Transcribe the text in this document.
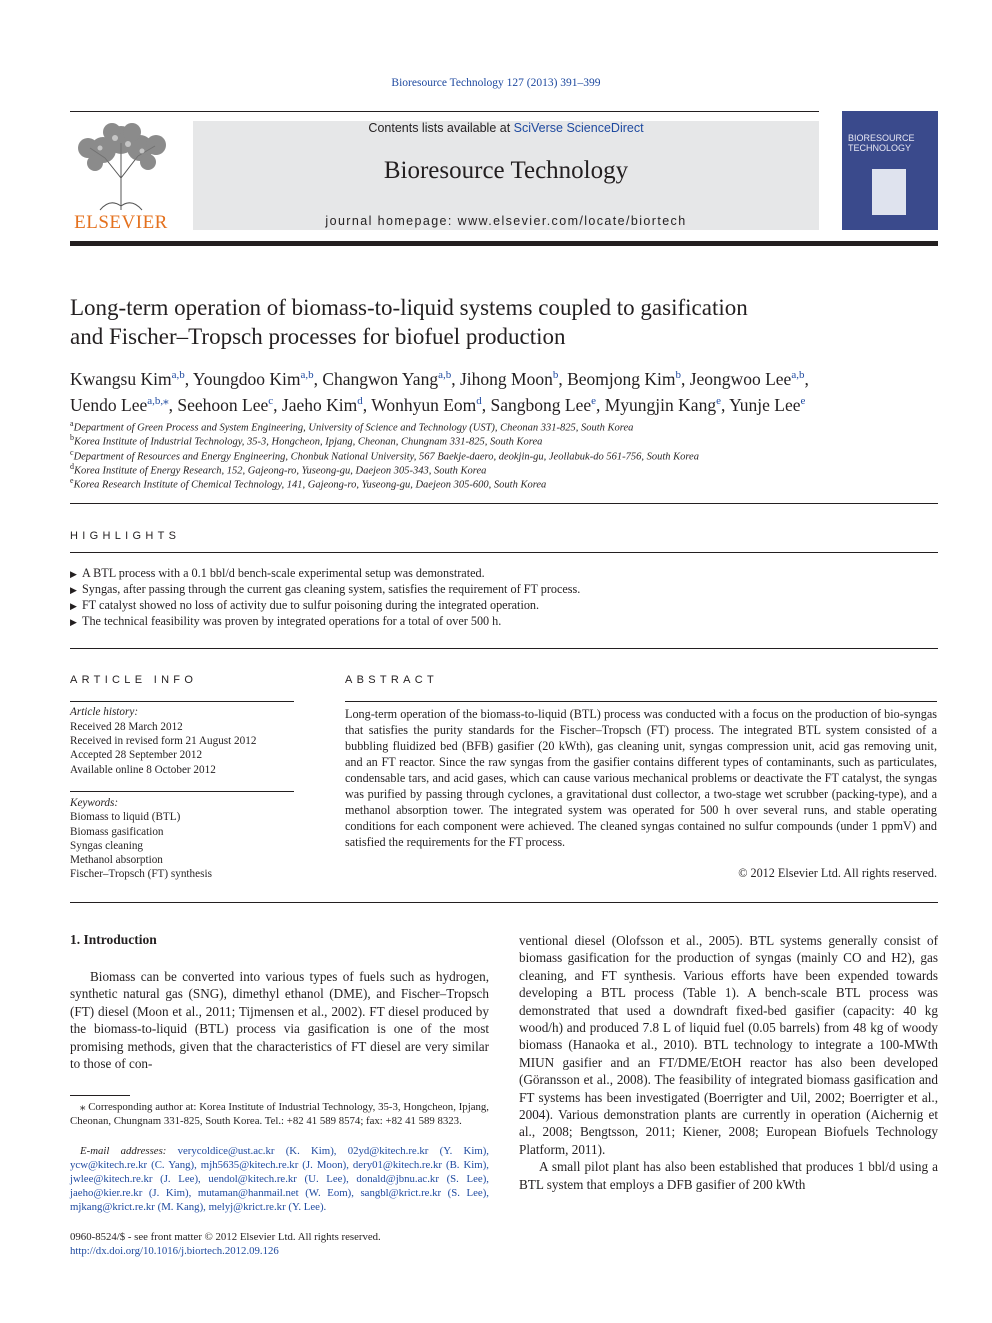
Bioresource Technology 127 (2013) 391–399
ELSEVIER
Contents lists available at SciVerse ScienceDirect
Bioresource Technology
journal homepage: www.elsevier.com/locate/biortech
BIORESOURCE
TECHNOLOGY
Long-term operation of biomass-to-liquid systems coupled to gasification
and Fischer–Tropsch processes for biofuel production
Kwangsu Kim$^{a,b}$, Youngdoo Kim$^{a,b}$, Changwon Yang$^{a,b}$, Jihong Moon$^b$, Beomjong Kim$^b$, Jeongwoo Lee$^{a,b}$,
Uendo Lee$^{a,b,⁎}$, Seehoon Lee$^c$, Jaeho Kim$^d$, Wonhyun Eom$^d$, Sangbong Lee$^e$, Myungjin Kang$^e$, Yunje Lee$^e$
$^a$Department of Green Process and System Engineering, University of Science and Technology (UST), Cheonan 331-825, South Korea
$^b$Korea Institute of Industrial Technology, 35-3, Hongcheon, Ipjang, Cheonan, Chungnam 331-825, South Korea
$^c$Department of Resources and Energy Engineering, Chonbuk National University, 567 Baekje-daero, deokjin-gu, Jeollabuk-do 561-756, South Korea
$^d$Korea Institute of Energy Research, 152, Gajeong-ro, Yuseong-gu, Daejeon 305-343, South Korea
$^e$Korea Research Institute of Chemical Technology, 141, Gajeong-ro, Yuseong-gu, Daejeon 305-600, South Korea
HIGHLIGHTS
▶ A BTL process with a 0.1 bbl/d bench-scale experimental setup was demonstrated.
▶ Syngas, after passing through the current gas cleaning system, satisfies the requirement of FT process.
▶ FT catalyst showed no loss of activity due to sulfur poisoning during the integrated operation.
▶ The technical feasibility was proven by integrated operations for a total of over 500 h.
ARTICLE INFO
Article history:
Received 28 March 2012
Received in revised form 21 August 2012
Accepted 28 September 2012
Available online 8 October 2012
Keywords:
Biomass to liquid (BTL)
Biomass gasification
Syngas cleaning
Methanol absorption
Fischer–Tropsch (FT) synthesis
ABSTRACT
Long-term operation of the biomass-to-liquid (BTL) process was conducted with a focus on the production of bio-syngas that satisfies the purity standards for the Fischer–Tropsch (FT) process. The integrated BTL system consisted of a bubbling fluidized bed (BFB) gasifier (20 kWth), gas cleaning unit, syngas compression unit, acid gas removing unit, and an FT reactor. Since the raw syngas from the gasifier contains different types of contaminants, such as particulates, condensable tars, and acid gases, which can cause various mechanical problems or deactivate the FT catalyst, the syngas was purified by passing through cyclones, a gravitational dust collector, a two-stage wet scrubber (packing-type), and a methanol absorption tower. The integrated system was operated for 500 h over several runs, and stable operating conditions for each component were achieved. The cleaned syngas contained no sulfur compounds (under 1 ppmV) and satisfied the requirements for the FT process.
© 2012 Elsevier Ltd. All rights reserved.
1. Introduction
Biomass can be converted into various types of fuels such as hydrogen, synthetic natural gas (SNG), dimethyl ethanol (DME), and Fischer–Tropsch (FT) diesel (Moon et al., 2011; Tijmensen et al., 2002). FT diesel produced by the biomass-to-liquid (BTL) process via gasification is one of the most promising methods, given that the characteristics of FT diesel are very similar to those of con-
ventional diesel (Olofsson et al., 2005). BTL systems generally consist of biomass gasification for the production of syngas (mainly CO and H2), gas cleaning, and FT synthesis. Various efforts have been expended towards developing a BTL process (Table 1). A bench-scale BTL process was demonstrated that used a downdraft fixed-bed gasifier (capacity: 40 kg wood/h) and produced 7.8 L of liquid fuel (0.05 barrels) from 48 kg of woody biomass (Hanaoka et al., 2010). BTL technology to integrate a 100-MWth MIUN gasifier and an FT/DME/EtOH reactor has also been developed (Göransson et al., 2008). The feasibility of integrated biomass gasification and FT systems has been investigated (Boerrigter and Uil, 2002; Boerrigter et al., 2004). Various demonstration plants are currently in operation (Aichernig et al., 2008; Bengtsson, 2011; Kiener, 2008; European Biofuels Technology Platform, 2011).
A small pilot plant has also been established that produces 1 bbl/d using a BTL system that employs a DFB gasifier of 200 kWth
⁎ Corresponding author at: Korea Institute of Industrial Technology, 35-3, Hongcheon, Ipjang, Cheonan, Chungnam 331-825, South Korea. Tel.: +82 41 589 8574; fax: +82 41 589 8323.
E-mail addresses: verycoldice@ust.ac.kr (K. Kim), 02yd@kitech.re.kr (Y. Kim), ycw@kitech.re.kr (C. Yang), mjh5635@kitech.re.kr (J. Moon), dery01@kitech.re.kr (B. Kim), jwlee@kitech.re.kr (J. Lee), uendol@kitech.re.kr (U. Lee), donald@jbnu.ac.kr (S. Lee), jaeho@kier.re.kr (J. Kim), mutaman@hanmail.net (W. Eom), sangbl@krict.re.kr (S. Lee), mjkang@krict.re.kr (M. Kang), melyj@krict.re.kr (Y. Lee).
0960-8524/$ - see front matter © 2012 Elsevier Ltd. All rights reserved.
http://dx.doi.org/10.1016/j.biortech.2012.09.126
